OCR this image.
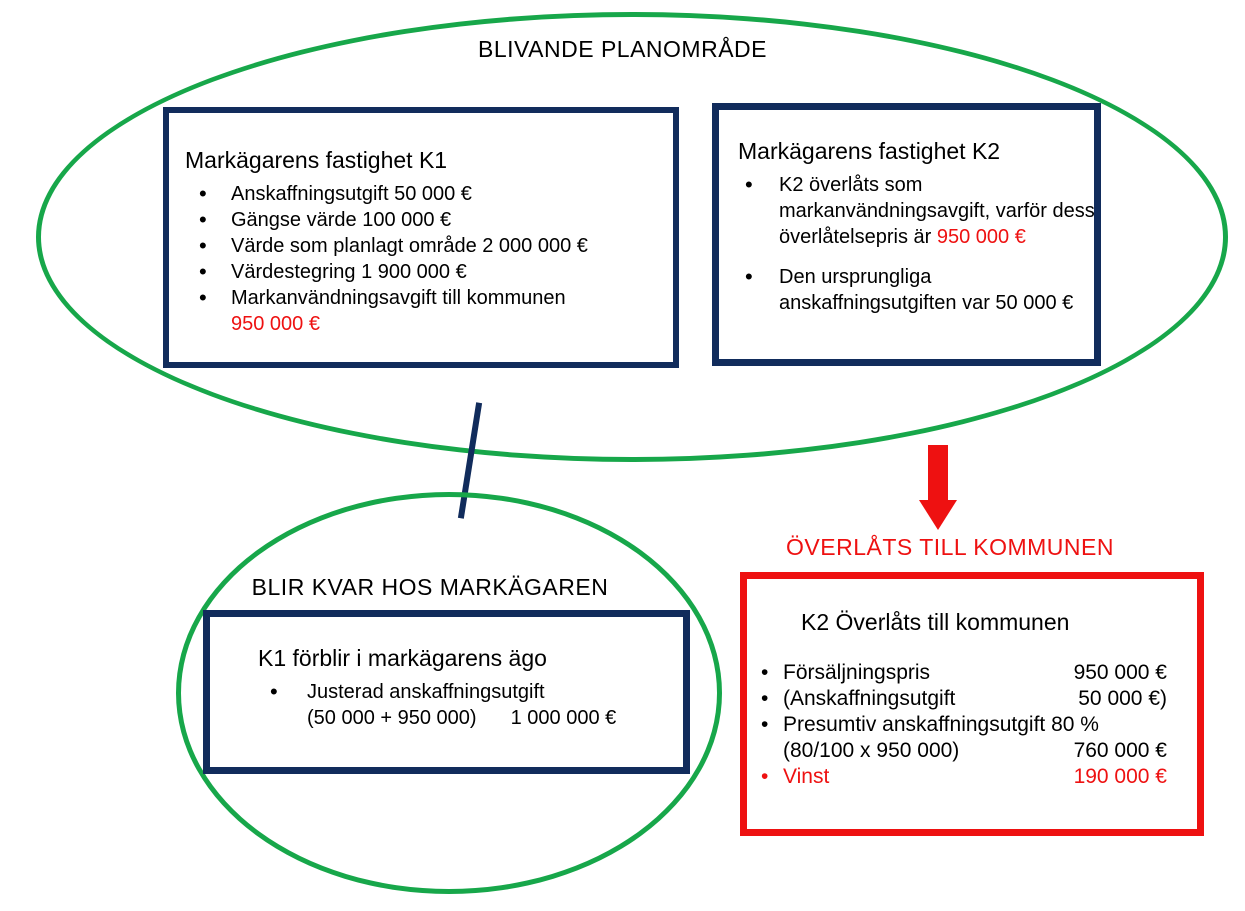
BLIVANDE PLANOMRÅDE

Markägarens fastighet K1

• Anskaffningsutgift 50 000 €
• Gängse värde 100 000 €
• Värde som planlagt område 2 000 000 €
• Värdestegring 1 900 000 €
• Markanvändningsavgift till kommunen
950 000 €

Markägarens fastighet K2

• K2 överlåts som
markanvändningsavgift, varför dess
överlåtelsepris är 950 000 €
• Den ursprungliga
anskaffningsutgiften var 50 000 €
BLIR KVAR HOS MARKÄGAREN

K1 förblir i markägarens ägo

• Justerad anskaffningsutgift
(50 000 + 950 000) 1 000 000 €
ÖVERLÅTS TILL KOMMUNEN

K2 Överlåts till kommunen

• Försäljningspris	950 000 €
• (Anskaffningsutgift	50 000 €)
• Presumtiv anskaffningsutgift 80 %
(80/100 x 950 000)	760 000 €
• Vinst	190 000 €
